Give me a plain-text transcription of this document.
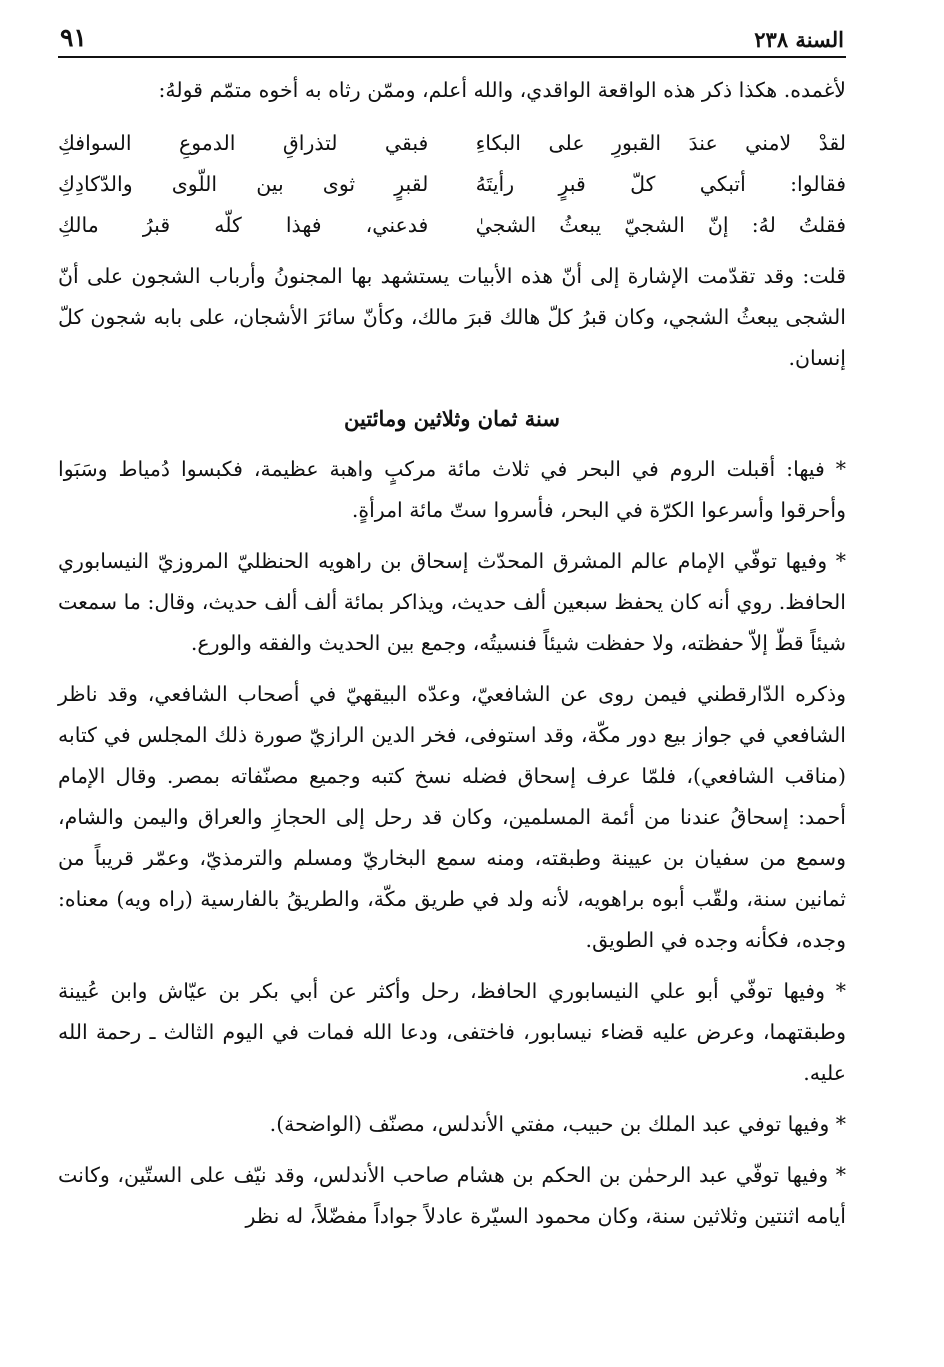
السنة ٢٣٨
٩١

لأغمده. هكذا ذكر هذه الواقعة الواقدي، والله أعلم، وممّن رثاه به أخوه متمّم قولهُ:

لقدْ لامني عندَ القبورِ على البكاءِ
فبقي لتذراقِ الدموعِ السوافكِ
فقالوا: أتبكي كلّ قبرٍ رأيتَهُ
لقبرٍ ثوى بين اللّوى والدّكادِكِ
فقلتُ لهُ: إنّ الشجيّ يبعثُ الشجيٰ
فدعني، فهذا كلّه قبرُ مالكِ

قلت: وقد تقدّمت الإشارة إلى أنّ هذه الأبيات يستشهد بها المجنونُ وأرباب الشجون على أنّ الشجى يبعثُ الشجي، وكان قبرُ كلّ هالك قبرَ مالك، وكأنّ سائرَ الأشجان، على بابه شجون كلّ إنسان.

سنة ثمان وثلاثين ومائتين

* فيها: أقبلت الروم في البحر في ثلاث مائة مركبٍ واهبة عظيمة، فكبسوا دُمياط وسَبَوا وأحرقوا وأسرعوا الكرّة في البحر، فأسروا ستّ مائة امرأةٍ.

* وفيها توفّي الإمام عالم المشرق المحدّث إسحاق بن راهويه الحنظليّ المروزيّ النيسابوري الحافظ. روي أنه كان يحفظ سبعين ألف حديث، ويذاكر بمائة ألف ألف حديث، وقال: ما سمعت شيئاً قطّ إلاّ حفظته، ولا حفظت شيئاً فنسيتُه، وجمع بين الحديث والفقه والورع.

وذكره الدّارقطني فيمن روى عن الشافعيّ، وعدّه البيقهيّ في أصحاب الشافعي، وقد ناظر الشافعي في جواز بيع دور مكّة، وقد استوفى، فخر الدين الرازيّ صورة ذلك المجلس في كتابه (مناقب الشافعي)، فلمّا عرف إسحاق فضله نسخ كتبه وجميع مصنّفاته بمصر. وقال الإمام أحمد: إسحاقُ عندنا من أئمة المسلمين، وكان قد رحل إلى الحجازِ والعراق واليمن والشام، وسمع من سفيان بن عيينة وطبقته، ومنه سمع البخاريّ ومسلم والترمذيّ، وعمّر قريباً من ثمانين سنة، ولقّب أبوه براهويه، لأنه ولد في طريق مكّة، والطريقُ بالفارسية (راه ويه) معناه: وجده، فكأنه وجده في الطويق.

* وفيها توفّي أبو علي النيسابوري الحافظ، رحل وأكثر عن أبي بكر بن عيّاش وابن عُيينة وطبقتهما، وعرض عليه قضاء نيسابور، فاختفى، ودعا الله فمات في اليوم الثالث ـ رحمة الله عليه.

* وفيها توفي عبد الملك بن حبيب، مفتي الأندلس، مصنّف (الواضحة).

* وفيها توفّي عبد الرحمٰن بن الحكم بن هشام صاحب الأندلس، وقد نيّف على الستّين، وكانت أيامه اثنتين وثلاثين سنة، وكان محمود السيّرة عادلاً جواداً مفضّلاً، له نظر
